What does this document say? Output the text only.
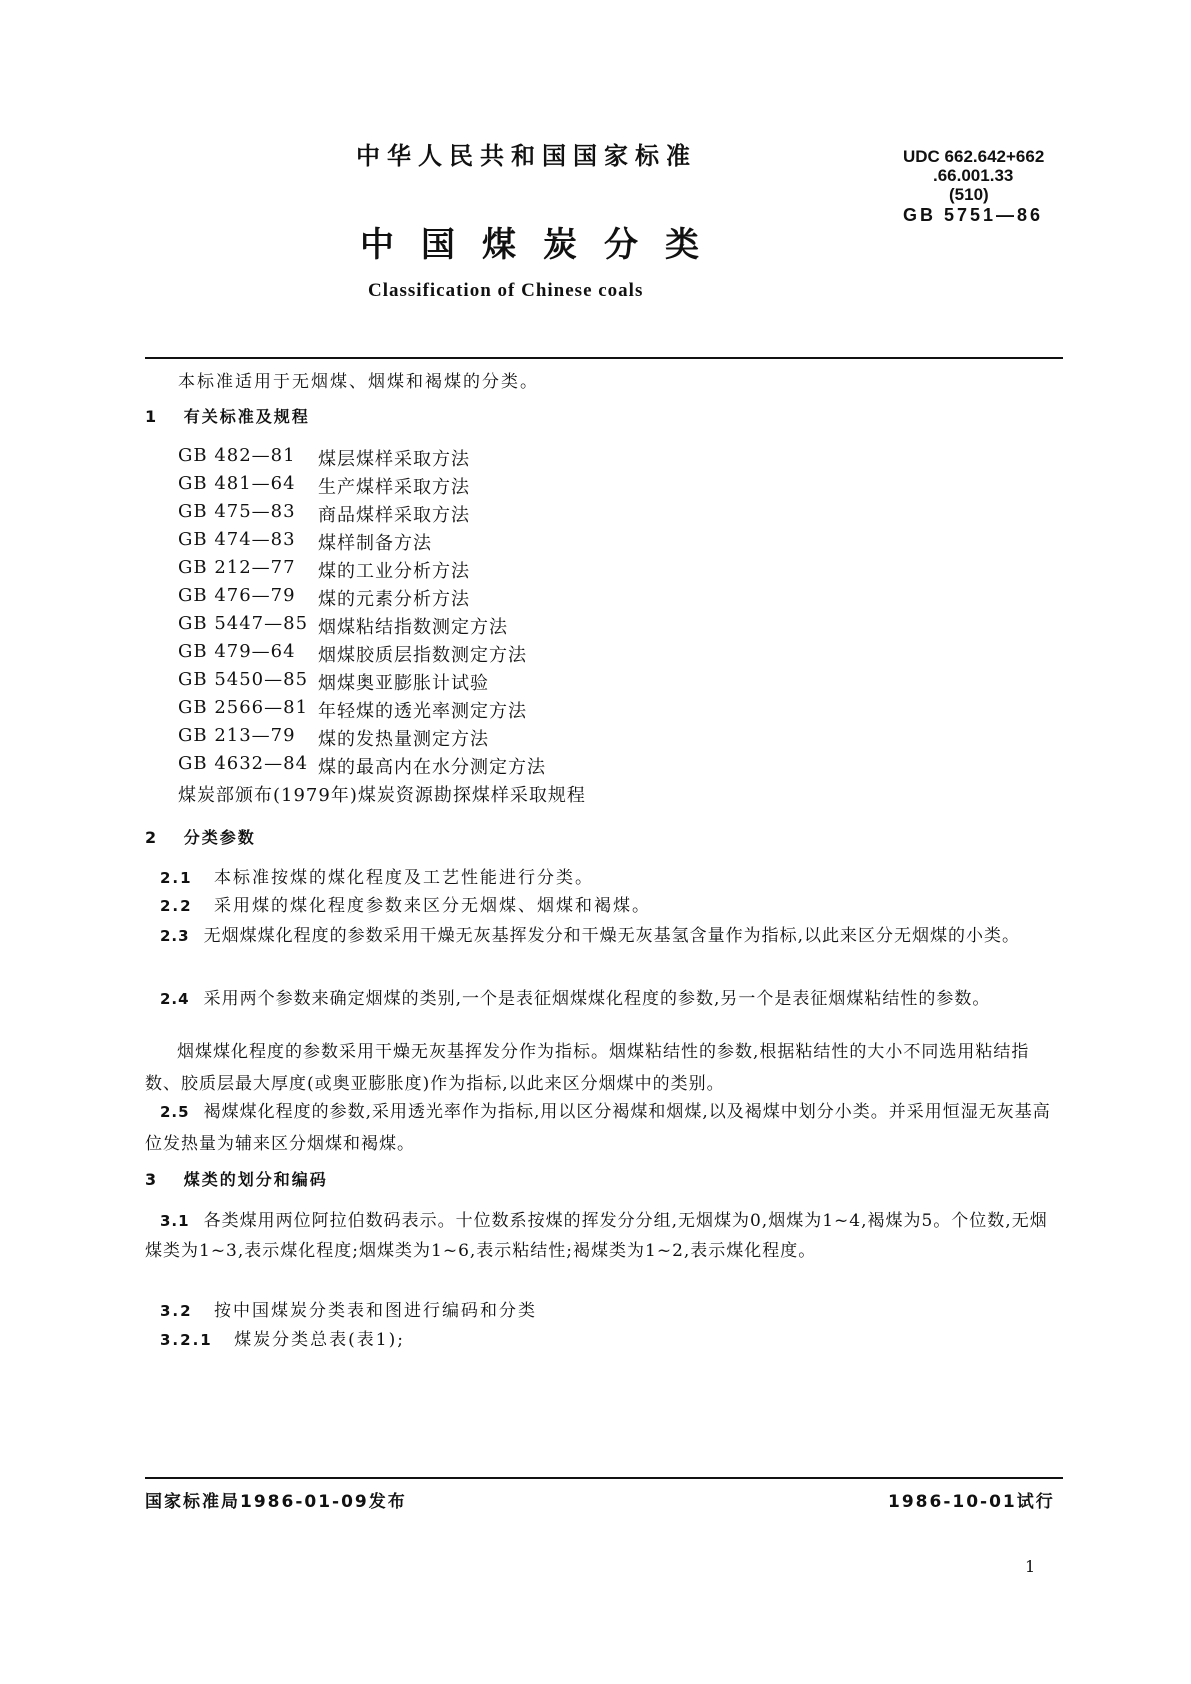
中华人民共和国国家标准
中国煤炭分类
Classification of Chinese coals
UDC 662.642+662
.66.001.33
(510)
GB 5751—86
本标准适用于无烟煤、烟煤和褐煤的分类。
1 有关标准及规程
GB 482—81 煤层煤样采取方法
GB 481—64 生产煤样采取方法
GB 475—83 商品煤样采取方法
GB 474—83 煤样制备方法
GB 212—77 煤的工业分析方法
GB 476—79 煤的元素分析方法
GB 5447—85 烟煤粘结指数测定方法
GB 479—64 烟煤胶质层指数测定方法
GB 5450—85 烟煤奥亚膨胀计试验
GB 2566—81 年轻煤的透光率测定方法
GB 213—79 煤的发热量测定方法
GB 4632—84 煤的最高内在水分测定方法
煤炭部颁布(1979年)煤炭资源勘探煤样采取规程
2 分类参数
2.1 本标准按煤的煤化程度及工艺性能进行分类。
2.2 采用煤的煤化程度参数来区分无烟煤、烟煤和褐煤。
2.3 无烟煤煤化程度的参数采用干燥无灰基挥发分和干燥无灰基氢含量作为指标,以此来区分无烟煤的小类。
2.4 采用两个参数来确定烟煤的类别,一个是表征烟煤煤化程度的参数,另一个是表征烟煤粘结性的参数。
烟煤煤化程度的参数采用干燥无灰基挥发分作为指标。烟煤粘结性的参数,根据粘结性的大小不同选用粘结指数、胶质层最大厚度(或奥亚膨胀度)作为指标,以此来区分烟煤中的类别。
2.5 褐煤煤化程度的参数,采用透光率作为指标,用以区分褐煤和烟煤,以及褐煤中划分小类。并采用恒湿无灰基高位发热量为辅来区分烟煤和褐煤。
3 煤类的划分和编码
3.1 各类煤用两位阿拉伯数码表示。十位数系按煤的挥发分分组,无烟煤为0,烟煤为1~4,褐煤为5。个位数,无烟煤类为1~3,表示煤化程度;烟煤类为1~6,表示粘结性;褐煤类为1~2,表示煤化程度。
3.2 按中国煤炭分类表和图进行编码和分类
3.2.1 煤炭分类总表(表1);
国家标准局1986-01-09发布	1986-10-01试行
1
